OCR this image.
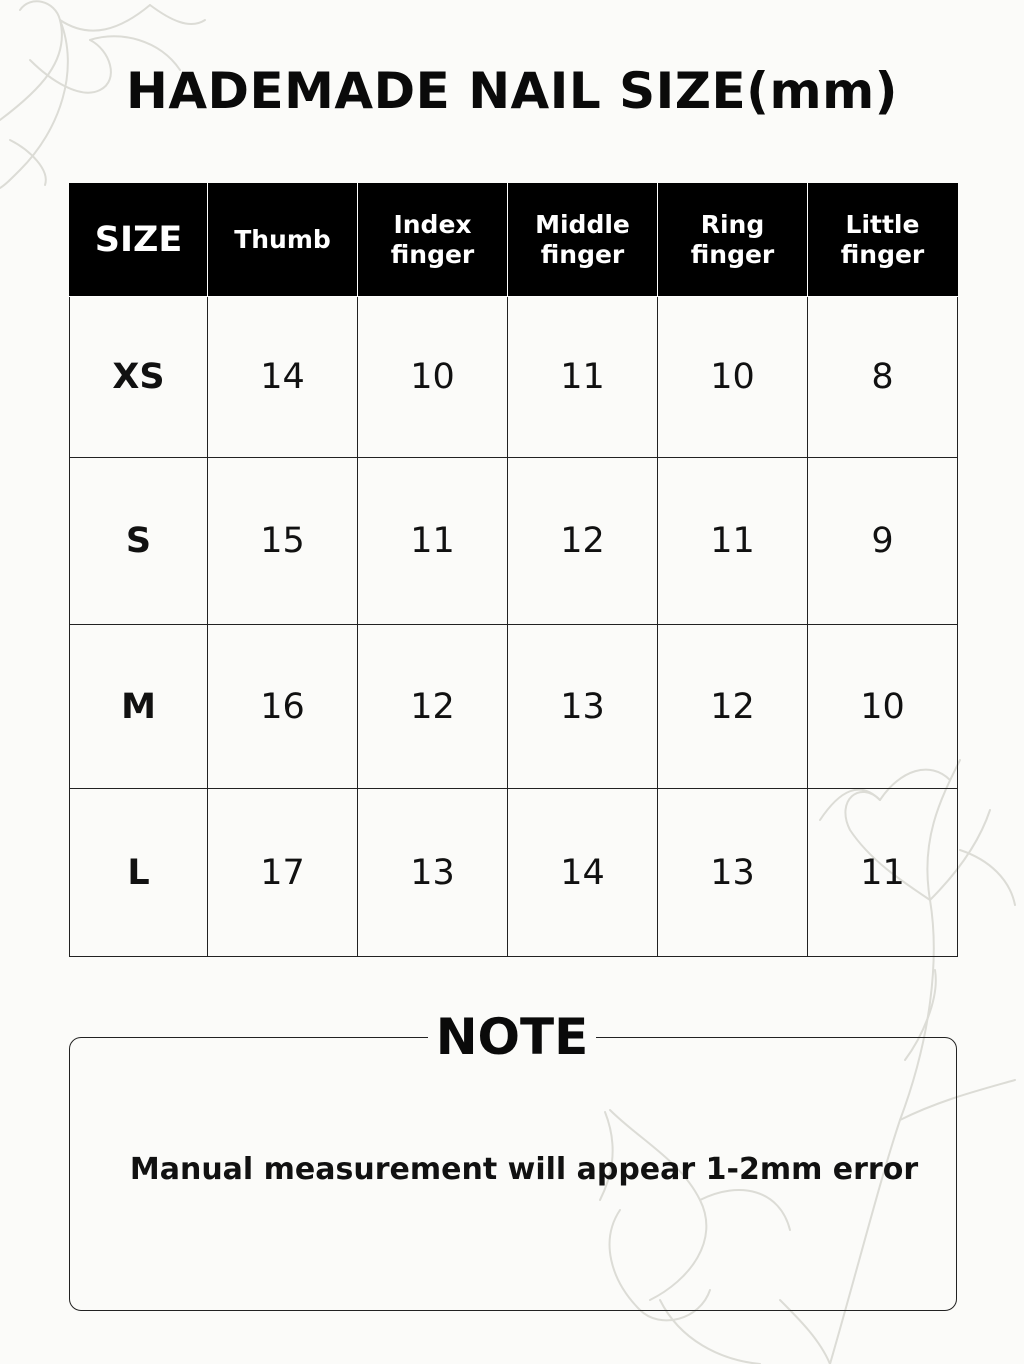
HADEMADE NAIL SIZE(mm)
SIZE	Thumb	Index finger	Middle finger	Ring finger	Little finger
XS	14	10	11	10	8
S	15	11	12	11	9
M	16	12	13	12	10
L	17	13	14	13	11
NOTE
Manual measurement will appear 1-2mm error
